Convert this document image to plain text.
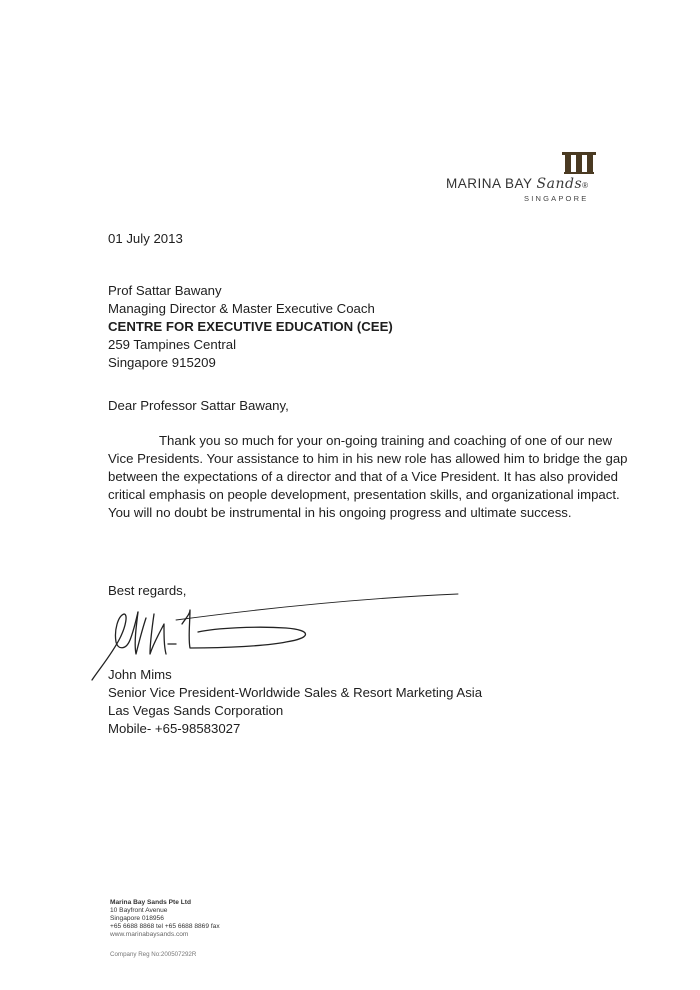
MARINA BAY Sands®
SINGAPORE
01 July 2013
Prof Sattar Bawany
Managing Director & Master Executive Coach
CENTRE FOR EXECUTIVE EDUCATION (CEE)
259 Tampines Central
Singapore 915209
Dear Professor Sattar Bawany,
Thank you so much for your on-going training and coaching of one of our new
Vice Presidents. Your assistance to him in his new role has allowed him to bridge the gap
between the expectations of a director and that of a Vice President. It has also provided
critical emphasis on people development, presentation skills, and organizational impact.
You will no doubt be instrumental in his ongoing progress and ultimate success.
Best regards,
John Mims
Senior Vice President-Worldwide Sales & Resort Marketing Asia
Las Vegas Sands Corporation
Mobile- +65-98583027
Marina Bay Sands Pte Ltd
10 Bayfront Avenue
Singapore 018956
+65 6688 8868 tel +65 6688 8869 fax
www.marinabaysands.com
Company Reg No:200507292R
